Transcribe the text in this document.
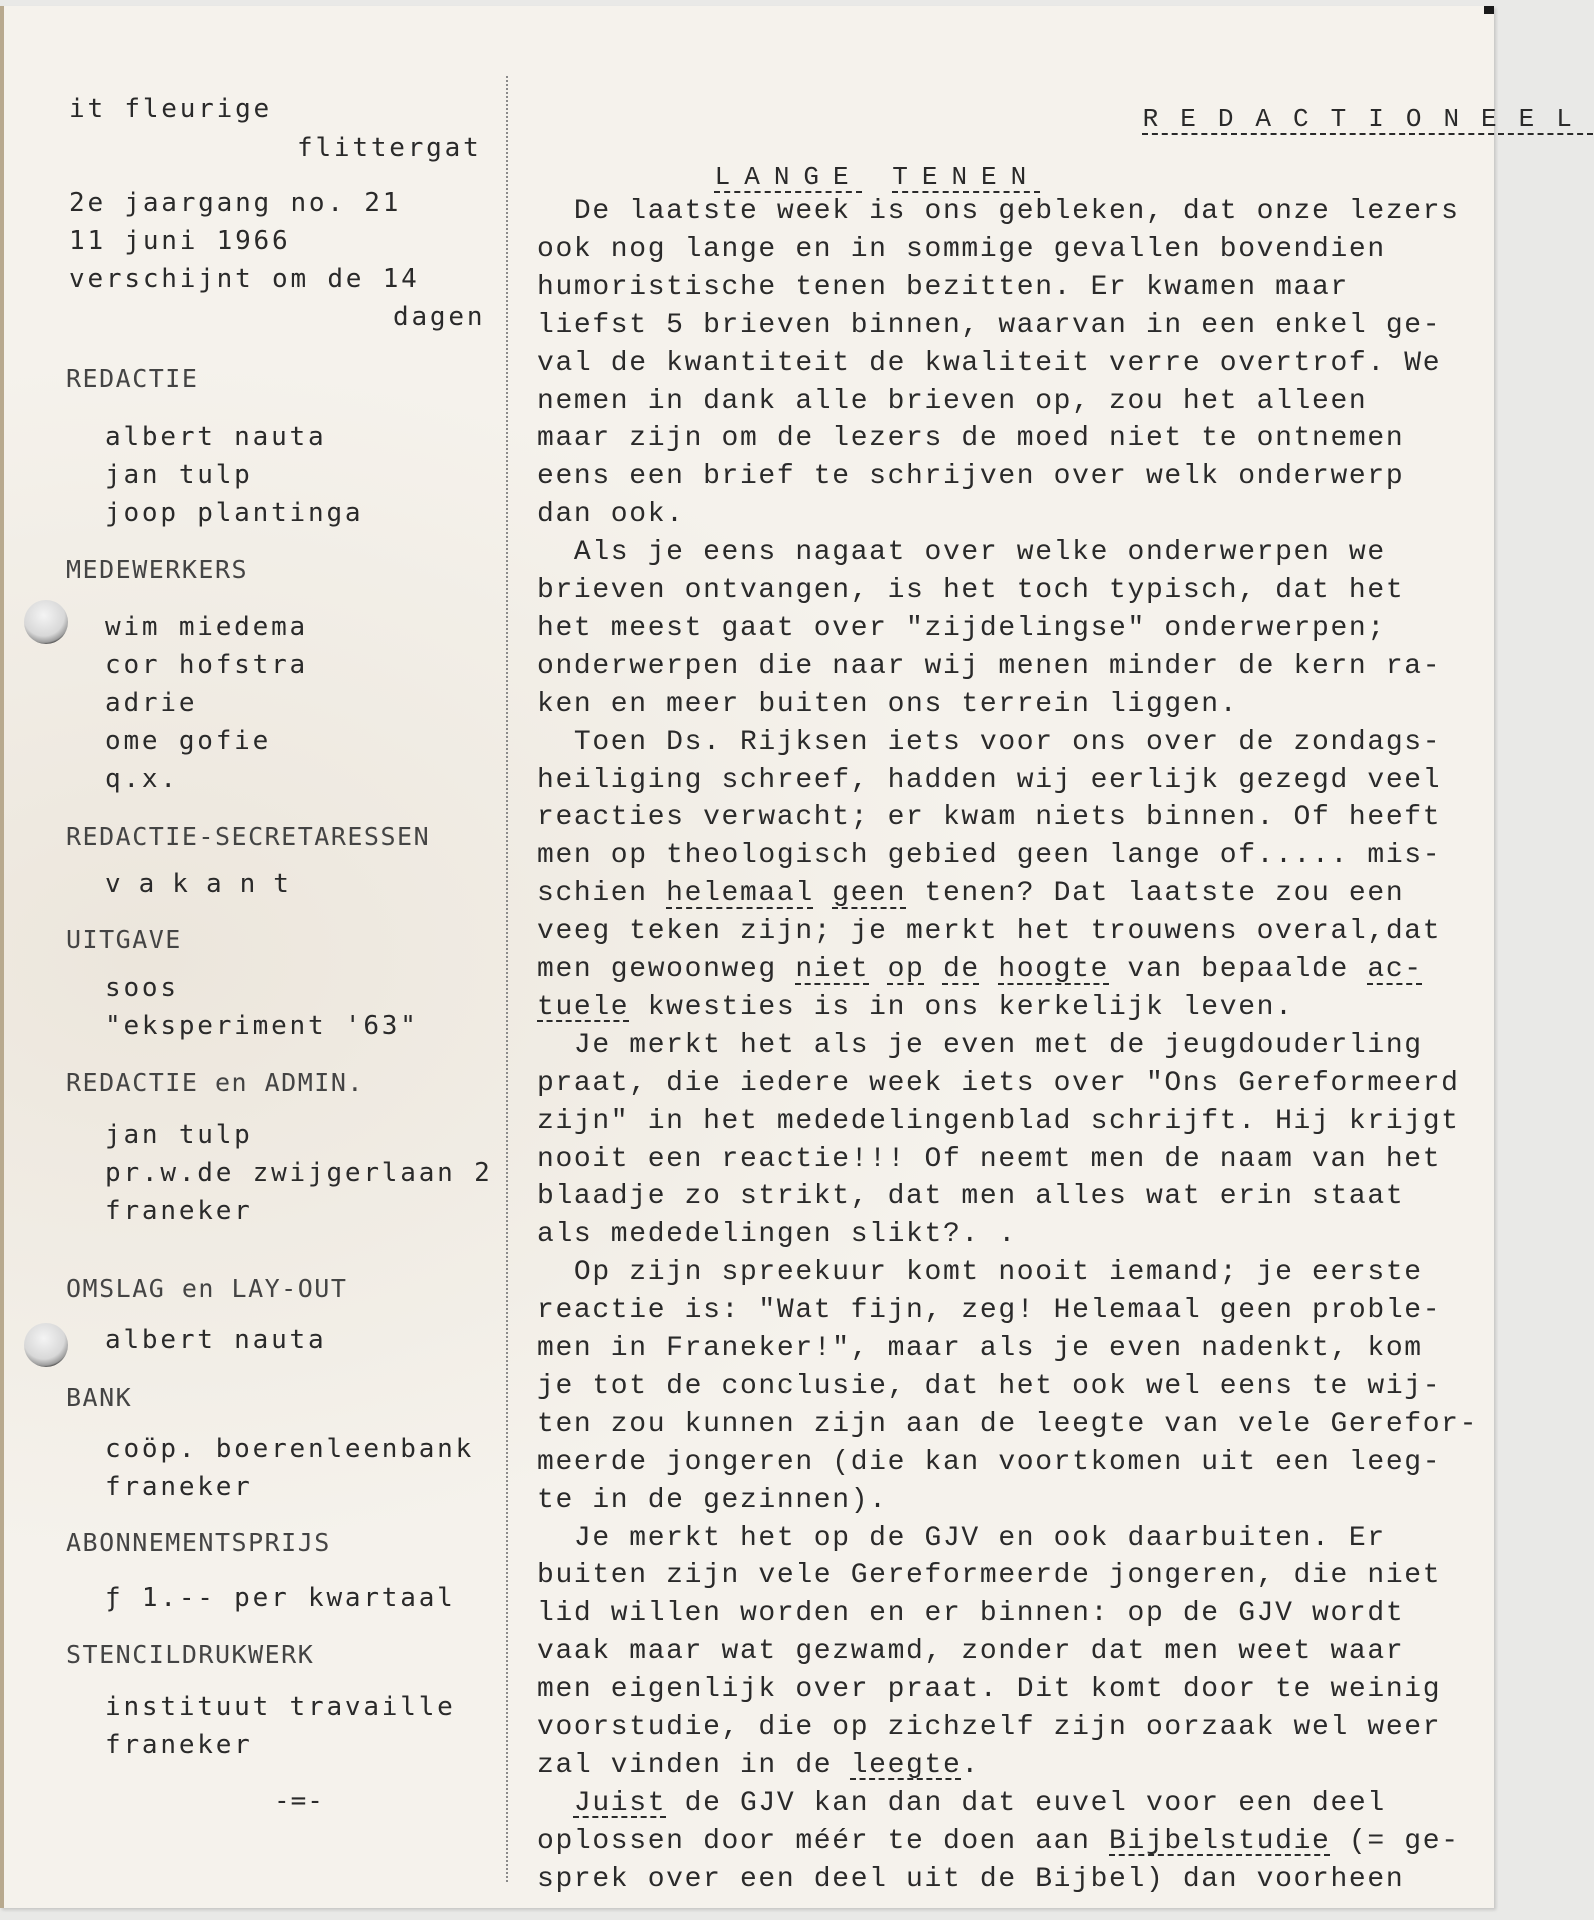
it fleurige
flittergat
2e jaargang no. 21
11 juni 1966
verschijnt om de 14
dagen
REDACTIE
albert nauta
jan tulp
joop plantinga
MEDEWERKERS
wim miedema
cor hofstra
adrie
ome gofie
q.x.
REDACTIE-SECRETARESSEN
vakant
UITGAVE
soos
"eksperiment '63"
REDACTIE en ADMIN.
jan tulp
pr.w.de zwijgerlaan 2
franeker
OMSLAG en LAY-OUT
albert nauta
BANK
coöp. boerenleenbank
franeker
ABONNEMENTSPRIJS
ƒ 1.-- per kwartaal
STENCILDRUKWERK
instituut travaille
franeker
-=-

REDACTIONEEL

LANGE TENEN

De laatste week is ons gebleken, dat onze lezers
ook nog lange en in sommige gevallen bovendien
humoristische tenen bezitten. Er kwamen maar
liefst 5 brieven binnen, waarvan in een enkel ge-
val de kwantiteit de kwaliteit verre overtrof. We
nemen in dank alle brieven op, zou het alleen
maar zijn om de lezers de moed niet te ontnemen
eens een brief te schrijven over welk onderwerp
dan ook.
Als je eens nagaat over welke onderwerpen we
brieven ontvangen, is het toch typisch, dat het
het meest gaat over "zijdelingse" onderwerpen;
onderwerpen die naar wij menen minder de kern ra-
ken en meer buiten ons terrein liggen.
Toen Ds. Rijksen iets voor ons over de zondags-
heiliging schreef, hadden wij eerlijk gezegd veel
reacties verwacht; er kwam niets binnen. Of heeft
men op theologisch gebied geen lange of..... mis-
schien helemaal geen tenen? Dat laatste zou een
veeg teken zijn; je merkt het trouwens overal,dat
men gewoonweg niet op de hoogte van bepaalde ac-
tuele kwesties is in ons kerkelijk leven.
Je merkt het als je even met de jeugdouderling
praat, die iedere week iets over "Ons Gereformeerd
zijn" in het mededelingenblad schrijft. Hij krijgt
nooit een reactie!!! Of neemt men de naam van het
blaadje zo strikt, dat men alles wat erin staat
als mededelingen slikt?. .
Op zijn spreekuur komt nooit iemand; je eerste
reactie is: "Wat fijn, zeg! Helemaal geen proble-
men in Franeker!", maar als je even nadenkt, kom
je tot de conclusie, dat het ook wel eens te wij-
ten zou kunnen zijn aan de leegte van vele Gerefor-
meerde jongeren (die kan voortkomen uit een leeg-
te in de gezinnen).
Je merkt het op de GJV en ook daarbuiten. Er
buiten zijn vele Gereformeerde jongeren, die niet
lid willen worden en er binnen: op de GJV wordt
vaak maar wat gezwamd, zonder dat men weet waar
men eigenlijk over praat. Dit komt door te weinig
voorstudie, die op zichzelf zijn oorzaak wel weer
zal vinden in de leegte.
Juist de GJV kan dan dat euvel voor een deel
oplossen door méér te doen aan Bijbelstudie (= ge-
sprek over een deel uit de Bijbel) dan voorheen
